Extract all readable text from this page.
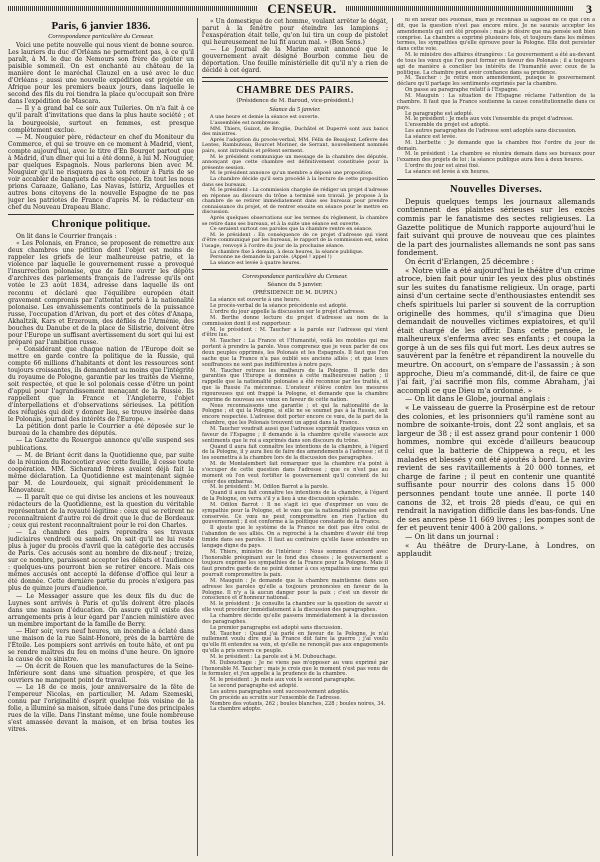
CENSEUR.	3
Paris, 6 janvier 1836.
Correspondance particulière du Censeur.

Voici une petite nouvelle qui nous vient de bonne source. Les lauriers du duc d'Orléans ne permettent pas, à ce qu'il paraît, à M. le duc de Nemours son frère de goûter un paisible sommeil. On est enchanté au château de la manière dont le maréchal Clauzel en a usé avec le duc d'Orléans ; aussi une nouvelle expédition est projetée en Afrique pour les premiers beaux jours, dans laquelle le second des fils du roi tiendra la place qu'occupait son frère dans l'expédition de Mascara.

— Il y a grand bal ce soir aux Tuileries. On n'a fait à ce qu'il paraît d'invitations que dans la plus haute société ; et la bourgeoisie, surtout en femmes, est presque complètement exclue.

— M. Nouguier père, rédacteur en chef du Moniteur du Commerce, et qui se trouve en ce moment à Madrid, vient, compte aujourd'hui, avec le titre d'En Bourget partout que à Madrid, d'un dîner qui lui a été donné, à lui M. Nouguier, par quelques Espagnols. Nous parlerons bien avec M. Nouguier qu'il ne risquera pas à son retour à Paris de se voir accabler de banquets de cette espèce. En tout les nous prions Caraaze, Galiano, Las Navas, Istúriz, Arguelles et autres bons citoyens de la nouvelle Espagne de ne pas juger les patriotes de France d'après M. le rédacteur en chef du Nouveau Drapeau Blanc.

Chronique politique.

On lit dans le Courrier français :

« Les Polonais, en France, se proposent de remettre aux deux chambres une pétition dont l'objet est moins de rappeler les griefs de leur malheureuse patrie, et la violence par laquelle le gouvernement russe a provoqué l'insurrection polonaise, que de faire ouvrir les dépôts d'archives des parlements français de l'adresse qu'ils ont votée le 23 août 1834, adresse dans laquelle ils ont reconnu et déclaré que l'équilibre européen était gravement compromis par l'attentat porté à la nationalité polonaise. Les envahissements continuels de la puissance russe, l'occupation d'Arivan, du port et des côtes d'Anapa, Akhaltzik, Kars et Erzeroum, des défilés de l'Arménie, des bouches du Danube et de la place de Silistrie, doivent être pour l'Europe un suffisant avertissement du sort qui lui est préparé par l'ambition russe.

« Considérant que chaque nation de l'Europe doit se mettre en garde contre la politique de la Russie, qui compte 66 millions d'habitants et dont les ressources sont toujours croissantes, ils demandent au moins que l'intégrité du royaume de Pologne, garantie par les traités de Vienne, soit respectée, et que le sol polonais cesse d'être un point d'appui pour l'agrandissement menaçant de la Russie. Ils rappellent que la France et l'Angleterre, l'objet d'interpellations et d'observations sérieuses. La pétition des réfugiés qui doit y donner lieu, se trouve insérée dans le Polonais, journal des intérêts de l'Europe. »

La pétition dont parle le Courrier a été déposée sur le bureau de la chambre des députés.

— La Gazette du Rouergue annonce qu'elle suspend ses publications.

— M. de Briant écrit dans la Quotidienne que, par suite de la réunion du Rococotier avec cette feuille, il cesse toute coopération. MM. Sicherand frères avaient déjà fait la même déclaration. La Quotidienne est maintenant signée par M. de Lourdoueix, qui signait précédemment le Rénovateur.

— Il paraît que ce qui divise les anciens et les nouveaux rédacteurs de la Quotidienne, est la question du véritable représentant de la royauté légitime : ceux qui se retirent ne reconnaîtraient d'autre roi de droit que le duc de Bordeaux ; ceux qui restent reconnaîtraient pour le roi don Charles.

— La chambre des pairs reprendra ses travaux judiciaires vendredi ou samedi. On sait qu'il ne lui reste plus à juger du procès d'avril que la catégorie des accusés de Paris. Ces accusés sont au nombre de dix-neuf ; treize, sur ce nombre, paraissent accepter les débats et l'audience : quelques-uns pourront bien se retirer encore. Mais ces mêmes accusés ont accepté la défense d'office qui leur a été donnée. Cette dernière partie du procès n'exigera pas plus de quinze jours d'audience.

— Le Messager assure que les deux fils du duc de Luynes sont arrivés à Paris et qu'ils doivent être placés dans une maison d'éducation. On assure qu'il existe des arrangements pris à leur égard par l'ancien ministère avec un membre important de la famille de Berry.

— Hier soir, vers neuf heures, un incendie a éclaté dans une maison de la rue Saint-Honoré, près de la barrière de l'Étoile. Les pompiers sont arrivés en toute hâte, et ont pu se rendre maîtres du feu en moins d'une heure. On ignore la cause de ce sinistre.

— On écrit de Rouen que les manufactures de la Seine-Inférieure sont dans une situation prospère, et que les ouvriers ne manquent point de travail.

— Le 18 de ce mois, jour anniversaire de la fête de l'empereur Nicolas, en particulier, M. Adam Szemeski, connu par l'originalité d'esprit quelque fois voisine de la folie, a illuminé sa maison, située dans l'une des principales rues de la ville. Dans l'instant même, une foule nombreuse s'est amassée devant la maison, et en brisa toutes les vitres.

« Un domestique de cet homme, voulant arrêter le dégât, parut à la fenêtre pour éteindre les lampions ; l'exaspération était telle, qu'on lui tira un coup de pistolet qui heureusement ne lui fit aucun mal. » (Bon Sens.)

— Le Journal de la Marine avait annoncé que le gouvernement avait désigné Bourbon comme lieu de déportation. Une feuille ministérielle dit qu'il n'y a rien de décidé à cet égard.

CHAMBRE DES PAIRS.
(Présidence de M. Baroud, vice-président.)
Séance du 5 janvier.

A une heure et demie la séance est ouverte.

L'assemblée est nombreuse.

MM. Thiers, Guizot, de Broglie, Duchâtel et Duperré sont aux bancs des ministres.

Après l'adoption du procès-verbal, MM. Félix de Beaujour, Lefèvre des Lentes, Rambuteau, Bourcet Moriner, de Serrant, nouvellement nommés pairs, sont introduits et prêtent serment.

M. le président communique un message de la chambre des députés, annonçant que cette chambre est définitivement constituée pour la présente session.

M. le président annonce qu'un membre a déposé une proposition.

La chambre décide qu'il sera procédé à la lecture de cette proposition dans ses bureaux.

M. le président : La commission chargée de rédiger un projet d'adresse en réponse au discours du trône a terminé son travail. Je propose à la chambre de se retirer immédiatement dans ses bureaux pour prendre connaissance du projet, et de rentrer ensuite en séance pour le mettre en discussion.

Après quelques observations sur les termes du règlement, la chambre se retire dans ses bureaux, et à la suite une séance est ouverte.

Ce seraient surtout ces paroles que la chambre rentre en séance.

M. le président : En conséquence de ce projet d'adresse qui vient d'être communiqué par les bureaux, le rapport de la commission est, selon l'usage, renvoyé à l'ordre du jour de la prochaine séance.

La chambre fixe à demain, à deux heures, la séance publique.

Personne ne demande la parole. (Appel ! appel !)

La séance est levée à quatre heures.

Correspondance particulière du Censeur.
Séance du 5 janvier.
(PRÉSIDENCE DE M. DUPIN.)

La séance est ouverte à une heure.

Le procès-verbal de la séance précédente est adopté.

L'ordre du jour appelle la discussion sur le projet d'adresse.

M. Berthe donne lecture du projet d'adresse au nom de la commission dont il est rapporteur.

M. le président : M. Taucher a la parole sur l'adresse qui vient d'être lue.

M. Taucher : La France et l'Humanité, voilà les mobiles qui me portent à prendre la parole. Vous comprenez que je veux parler de ces deux peuples opprimés, les Polonais et les Espagnols. Il faut que l'on sache que la France n'a pas oublié ses anciens alliés ; et que leurs souffrances ne sont pas indifférentes à notre pays.

M. Taucher retrace les malheurs de la Pologne. Il parle des garanties que l'Europe a données à cette malheureuse nation ; il rappelle que la nationalité polonaise a été reconnue par les traités, et que la Russie l'a méconnue. L'orateur s'élève contre les mesures rigoureuses qui ont frappé la Pologne, et demande que la chambre exprime de nouveau ses vœux en faveur de cette nation.

Nous reconnaissons une garantie ; et qui la nationalité de la Pologne ; et qui la Pologne, si elle ne se soumet pas à la Russie, soit encore respectée. L'adresse doit porter encore ce vœu, de la part de la chambre, que les Polonais trouvent un appui dans la France.

M. Taucher voudrait aussi que l'adresse exprimât quelques vœux en faveur de l'Espagne ; il demande à la chambre qu'elle s'associe aux sentiments que le roi a exprimés dans son discours du trône.

Quand il aura fait connaître les intentions de la chambre, à l'égard de la Pologne, il y aura lieu de faire des amendements à l'adresse ; et il les soumettra à la chambre lors de la discussion des paragraphes.

M. de Montalembert fait remarquer que la chambre n'a point à s'occuper de cette question dans l'adresse ; que ce n'est pas au moment où l'on veut fortifier le gouvernement qu'il convient de lui créer des embarras.

M. le président : M. Odilon Barrot a la parole.

Quand il aura fait connaître les intentions de la chambre, à l'égard de la Pologne, on verra s'il y a lieu à une discussion spéciale.

M. Odilon Barrot : Il ne s'agit ici que d'exprimer un vœu de sympathie pour la Pologne, et le vœu que la nationalité polonaise soit conservée. Ce vœu ne peut compromettre en rien l'action du gouvernement ; il est conforme à la politique constante de la France.

Il ajoute que le système de la France ne doit pas être celui de l'abandon de ses alliés. On a reproché à la chambre d'avoir été trop timide dans ses paroles. Il faut au contraire qu'elle fasse entendre un langage digne du pays.

M. Thiers, ministre de l'intérieur : Nous sommes d'accord avec l'honorable préopinant sur le fond des choses ; le gouvernement a toujours exprimé les sympathies de la France pour la Pologne. Mais il faut prendre garde de ne point donner à ces sympathies une forme qui pourrait compromettre la paix.

M. Mauguin : Je demande que la chambre maintienne dans son adresse les paroles qu'elle a toujours prononcées en faveur de la Pologne. Il n'y a là aucun danger pour la paix ; c'est un devoir de conscience et d'honneur national.

M. le président : Je consulte la chambre sur la question de savoir si elle veut procéder immédiatement à la discussion des paragraphes.

La chambre décide qu'elle passera immédiatement à la discussion des paragraphes.

Le premier paragraphe est adopté sans discussion.

M. Taucher : Quand j'ai parlé en faveur de la Pologne, je n'ai nullement voulu dire que la France dût faire la guerre ; j'ai voulu qu'elle fit entendre sa voix, et qu'elle ne renonçât pas aux engagements qu'elle a pris envers ce peuple.

M. le président : La parole est à M. Dubouchage.

M. Dubouchage : Je ne viens pas m'opposer au vœu exprimé par l'honorable M. Taucher ; mais je crois que le moment n'est pas venu de le formuler, et j'en appelle à la prudence de la chambre.

M. le président : Je mets aux voix le second paragraphe.

Le second paragraphe est adopté.

Les autres paragraphes sont successivement adoptés.

On procède au scrutin sur l'ensemble de l'adresse.

Nombre des votants, 262 ; boules blanches, 228 ; boules noires, 34.

La chambre adopte.

ni en faveur des Polonais, mais je reconnais la sagesse de ce que l'on a dit, que la question n'est pas encore mûre. Je ne saurais accepter les amendements qui ont été proposés ; mais je désire que ma pensée soit bien comprise. La chambre a exprimé plusieurs fois, et toujours dans les mêmes termes, les sympathies qu'elle éprouve pour la Pologne. Elle doit persister dans cette voie.

M. le ministre des affaires étrangères : Le gouvernement a été au-devant de tous les vœux que l'on peut former en faveur des Polonais ; il a toujours agi de manière à concilier les intérêts de l'humanité avec ceux de la politique. La chambre peut avoir confiance dans sa prudence.

M. Taucher : Je retire mon amendement, puisque le gouvernement déclare qu'il partage les sentiments exprimés par la chambre.

On passe au paragraphe relatif à l'Espagne.

M. Mauguin : La situation de l'Espagne réclame l'attention de la chambre. Il faut que la France soutienne la cause constitutionnelle dans ce pays.

Le paragraphe est adopté.

M. le président : Je mets aux voix l'ensemble du projet d'adresse.

L'ensemble du projet est adopté.

Les autres paragraphes de l'adresse sont adoptés sans discussion.

La séance est levée.

M. Lherbette : Je demande que la chambre fixe l'ordre du jour de demain.

M. le président : La chambre se réunira demain dans ses bureaux pour l'examen des projets de loi ; la séance publique aura lieu à deux heures.

L'ordre du jour est ainsi fixé.

La séance est levée à six heures.

Nouvelles Diverses.

Depuis quelques temps les journaux allemands contiennent des plaintes sérieuses sur les excès commis par le fanatisme des sectes religieuses. La Gazette politique de Munich rapporte aujourd'hui le fait suivant qui prouve de nouveau que ces plaintes de la part des journalistes allemands ne sont pas sans fondement.

On écrit d'Erlangen, 25 décembre :

« Notre ville a été aujourd'hui le théâtre d'un crime atroce, bien fait pour unir les yeux des plus obstinés sur les suites du fanatisme religieux. Un orage, parti ainsi d'un certaine secte d'enthousiastes entendit ses chefs spirituels lui parler si souvent de la corruption originelle des hommes, qu'il s'imagina que Dieu demandait de nouvelles victimes expiatoires, et qu'il était chargé de les offrir. Dans cette pensée, le malheureux s'enferma avec ses enfants ; et coupa la gorge à un de ses fils qui fut mort. Les deux autres se sauvèrent par la fenêtre et répandirent la nouvelle du meurtre. On accourt, on s'empare de l'assassin ; à son approche, Dieu m'a commandé, dit-il, de faire ce que j'ai fait, j'ai sacrifié mon fils, comme Abraham, j'ai accompli ce que Dieu m'a ordonné. »

— On lit dans le Globe, journal anglais :

« Le vaisseau de guerre la Prosérpine est de retour des colonies, et les prisonniers qu'il ramène sont au nombre de soixante-trois, dont 22 sont anglais, et sa largeur de 38 ; il est assez grand pour contenir 1 000 hommes, nombre qui excède d'ailleurs beaucoup celui que la batterie de Chippewa a reçu, et les malades et blessés y ont été ajoutés à bord. Le navire revient de ses ravitaillements à 20 000 tonnes, et charge de farine ; il peut en contenir une quantité suffisante pour nourrir des colons dans 15 000 personnes pendant toute une année. Il porte 140 canons de 32, et trois 28 pieds d'eau, ce qui en rendrait la navigation difficile dans les bas-fonds. Une de ses ancres pèse 11 669 livres ; les pompes sont de fer et peuvent tenir 400 à 200 gallons. »

— On lit dans un journal :

« Au théâtre de Drury-Lane, à Londres, on applaudit
